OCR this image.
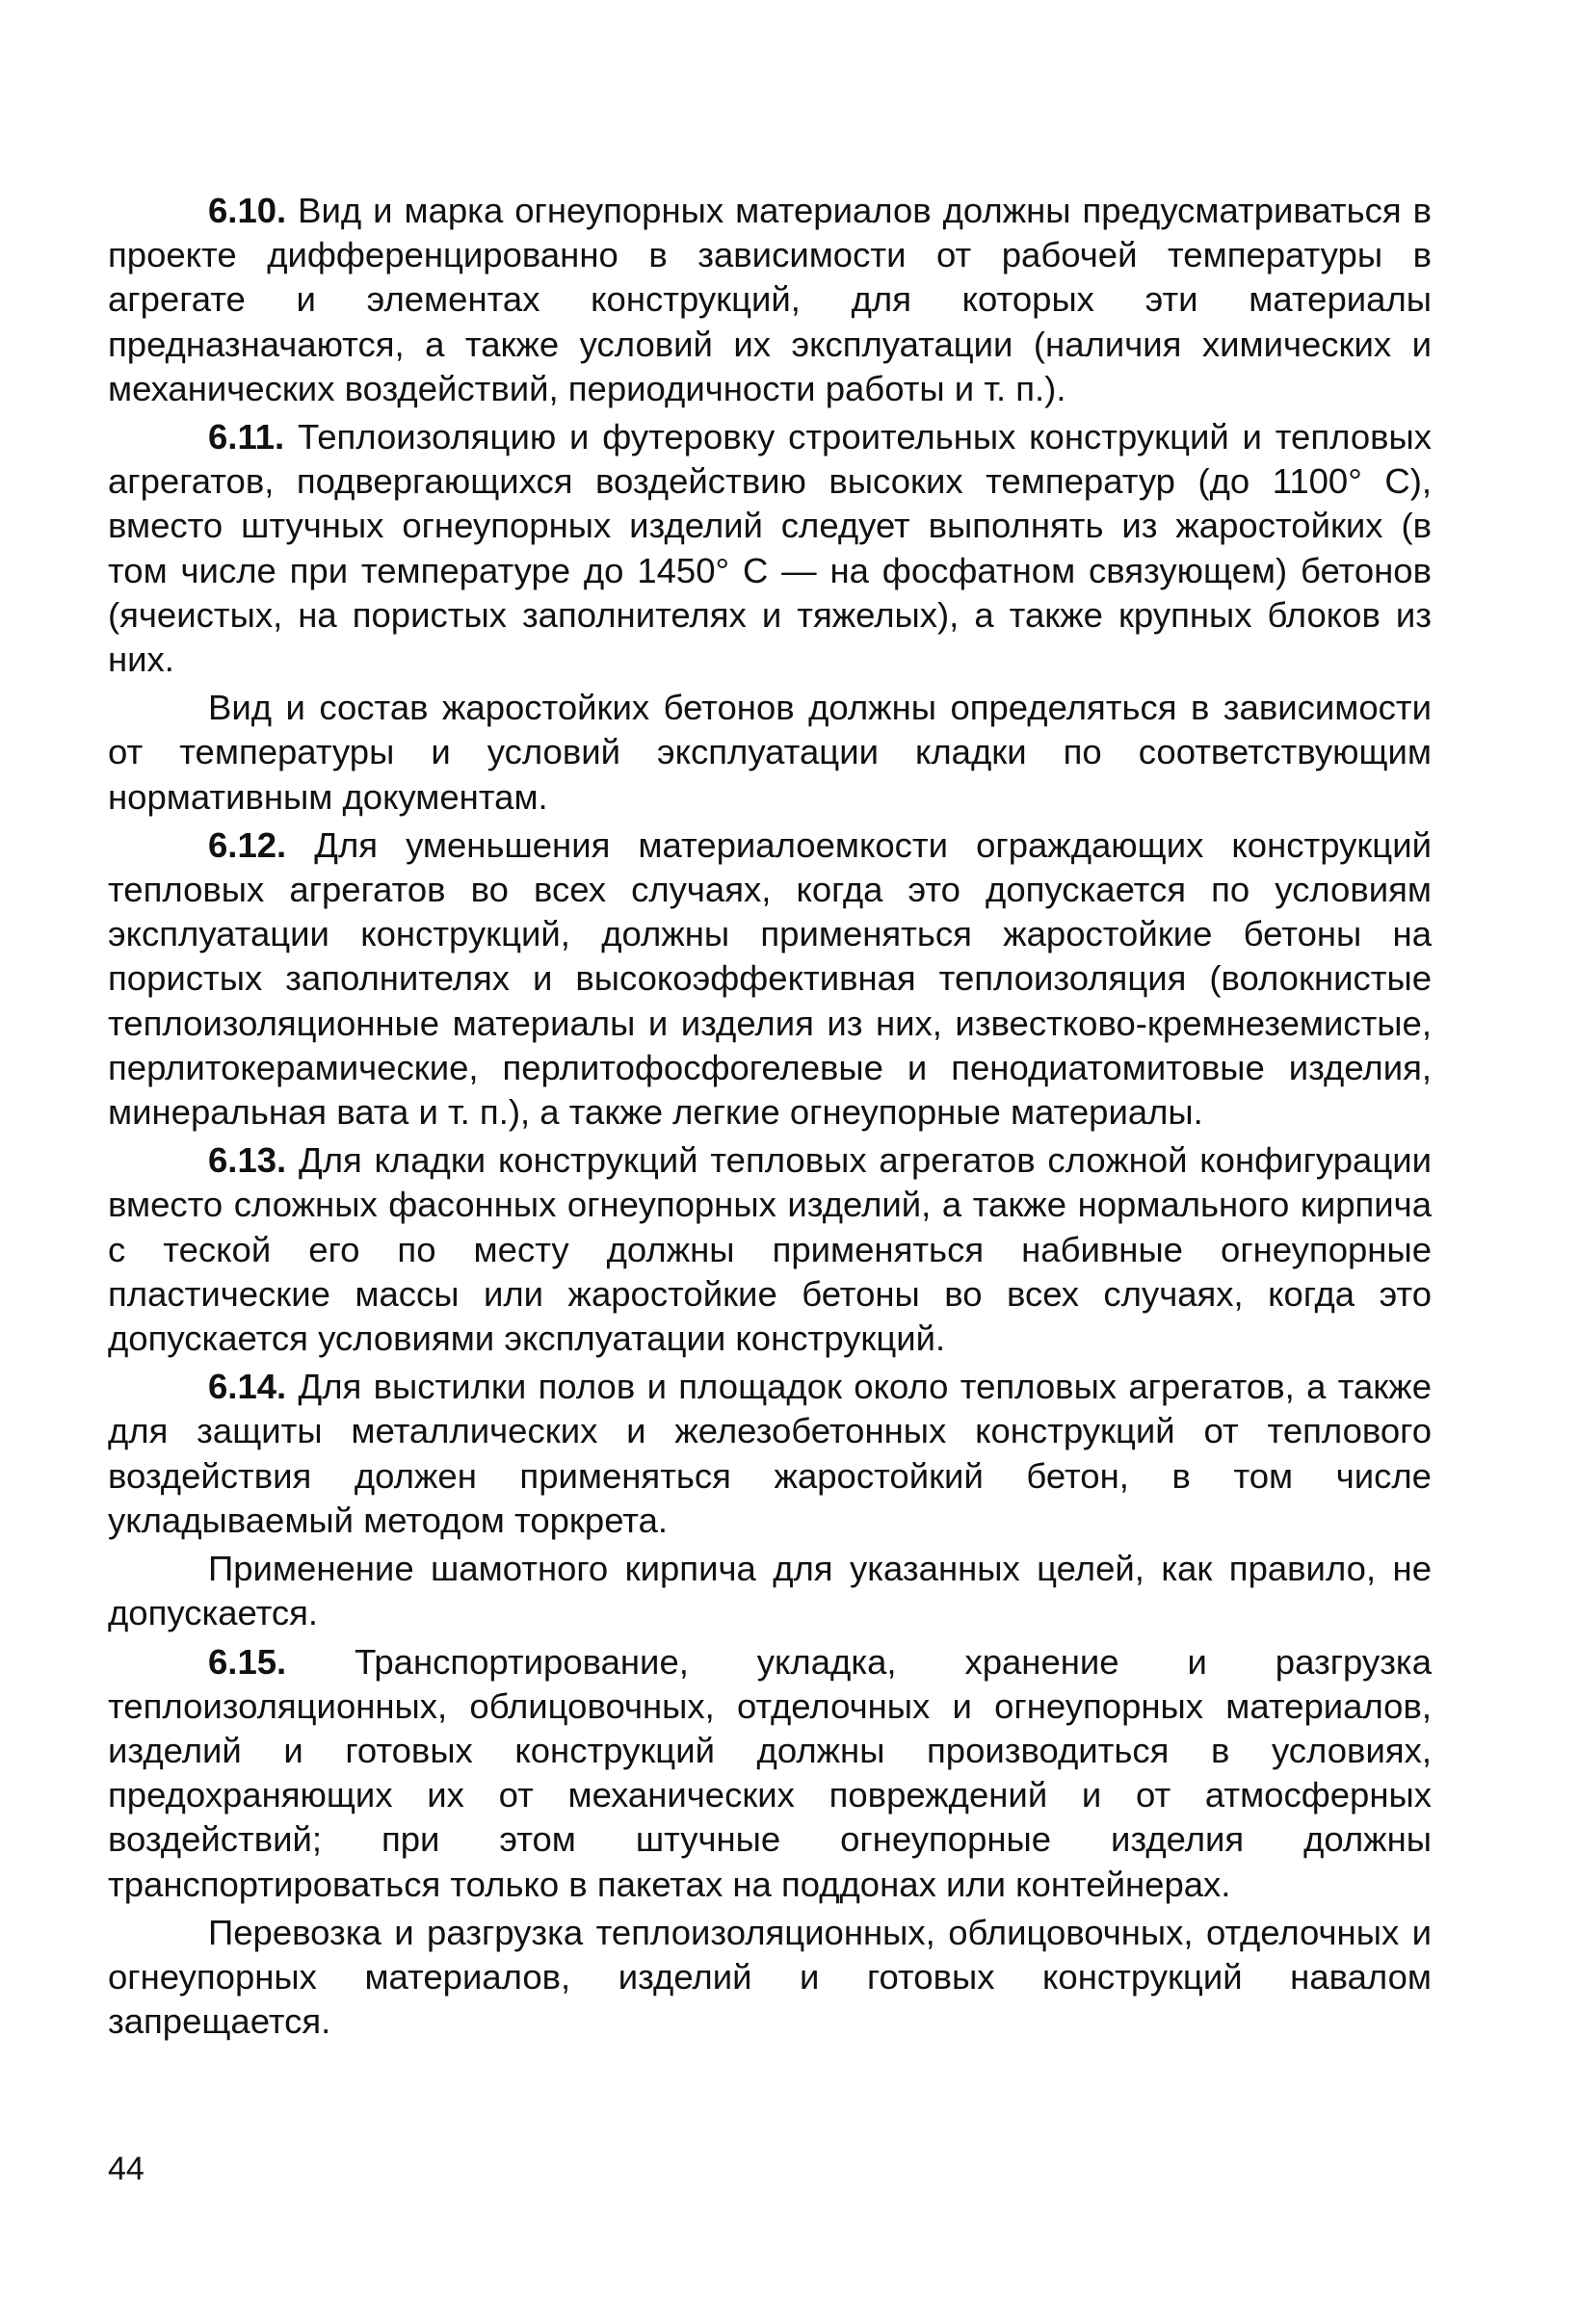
6.10. Вид и марка огнеупорных материалов должны предусматриваться в проекте дифференцированно в зависимости от рабочей температуры в агрегате и элементах конструкций, для которых эти материалы предназначаются, а также условий их эксплуатации (наличия химических и механических воздействий, периодичности работы и т. п.).

6.11. Теплоизоляцию и футеровку строительных конструкций и тепловых агрегатов, подвергающихся воздействию высоких температур (до 1100° С), вместо штучных огнеупорных изделий следует выполнять из жаростойких (в том числе при температуре до 1450° С — на фосфатном связующем) бетонов (ячеистых, на пористых заполнителях и тяжелых), а также крупных блоков из них.

Вид и состав жаростойких бетонов должны определяться в зависимости от температуры и условий эксплуатации кладки по соответствующим нормативным документам.

6.12. Для уменьшения материалоемкости ограждающих конструкций тепловых агрегатов во всех случаях, когда это допускается по условиям эксплуатации конструкций, должны применяться жаростойкие бетоны на пористых заполнителях и высокоэффективная теплоизоляция (волокнистые теплоизоляционные материалы и изделия из них, известково-кремнеземистые, перлитокерамические, перлитофосфогелевые и пенодиатомитовые изделия, минеральная вата и т. п.), а также легкие огнеупорные материалы.

6.13. Для кладки конструкций тепловых агрегатов сложной конфигурации вместо сложных фасонных огнеупорных изделий, а также нормального кирпича с теской его по месту должны применяться набивные огнеупорные пластические массы или жаростойкие бетоны во всех случаях, когда это допускается условиями эксплуатации конструкций.

6.14. Для выстилки полов и площадок около тепловых агрегатов, а также для защиты металлических и железобетонных конструкций от теплового воздействия должен применяться жаростойкий бетон, в том числе укладываемый методом торкрета.

Применение шамотного кирпича для указанных целей, как правило, не допускается.

6.15. Транспортирование, укладка, хранение и разгрузка теплоизоляционных, облицовочных, отделочных и огнеупорных материалов, изделий и готовых конструкций должны производиться в условиях, предохраняющих их от механических повреждений и от атмосферных воздействий; при этом штучные огнеупорные изделия должны транспортироваться только в пакетах на поддонах или контейнерах.

Перевозка и разгрузка теплоизоляционных, облицовочных, отделочных и огнеупорных материалов, изделий и готовых конструкций навалом запрещается.

44
